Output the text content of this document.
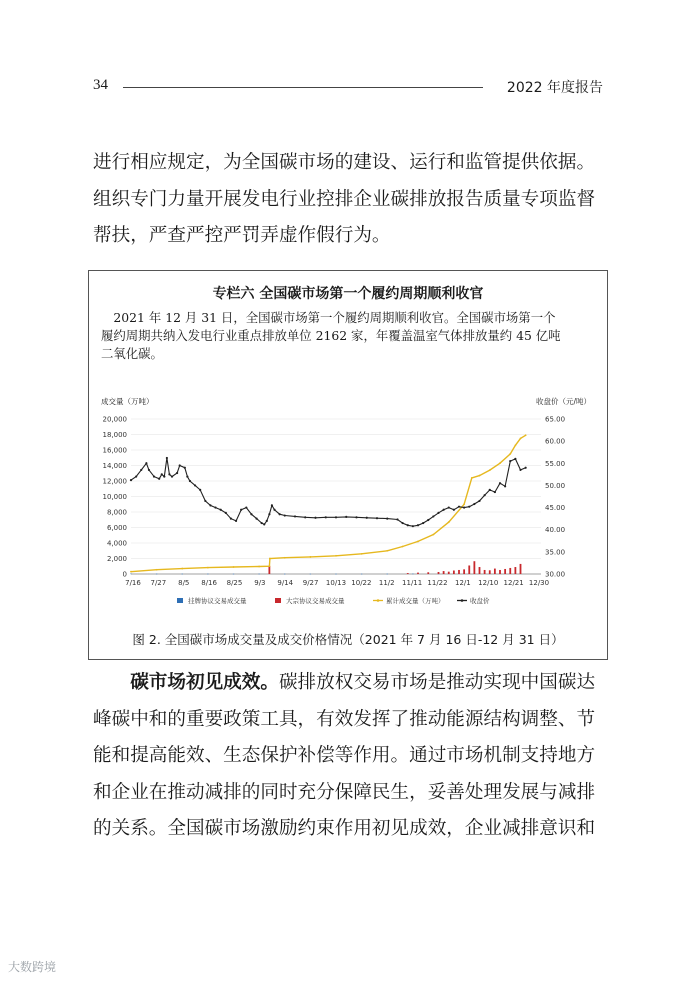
34	2022 年度报告

进行相应规定，为全国碳市场的建设、运行和监管提供依据。

组织专门力量开展发电行业控排企业碳排放报告质量专项监督

帮扶，严查严控严罚弄虚作假行为。

专栏六 全国碳市场第一个履约周期顺利收官

2021 年 12 月 31 日，全国碳市场第一个履约周期顺利收官。全国碳市场第一个

履约周期共纳入发电行业重点排放单位 2162 家，年覆盖温室气体排放量约 45 亿吨

二氧化碳。

成交量（万吨）	收盘价（元/吨）
0
2,000
4,000
6,000
8,000
10,000
12,000
14,000
16,000
18,000
20,000
30.00
35.00
40.00
45.00
50.00
55.00
60.00
65.00
7/16 7/27 8/5 8/16 8/25 9/3 9/14 9/27 10/13 10/22 11/2 11/11 11/22 12/1 12/10 12/21 12/30
挂牌协议交易成交量	大宗协议交易成交量	累计成交量（万吨）	收盘价
图 2. 全国碳市场成交量及成交价格情况（2021 年 7 月 16 日-12 月 31 日）

碳市场初见成效。碳排放权交易市场是推动实现中国碳达

峰碳中和的重要政策工具，有效发挥了推动能源结构调整、节

能和提高能效、生态保护补偿等作用。通过市场机制支持地方

和企业在推动减排的同时充分保障民生，妥善处理发展与减排

的关系。全国碳市场激励约束作用初见成效，企业减排意识和

大数跨境
